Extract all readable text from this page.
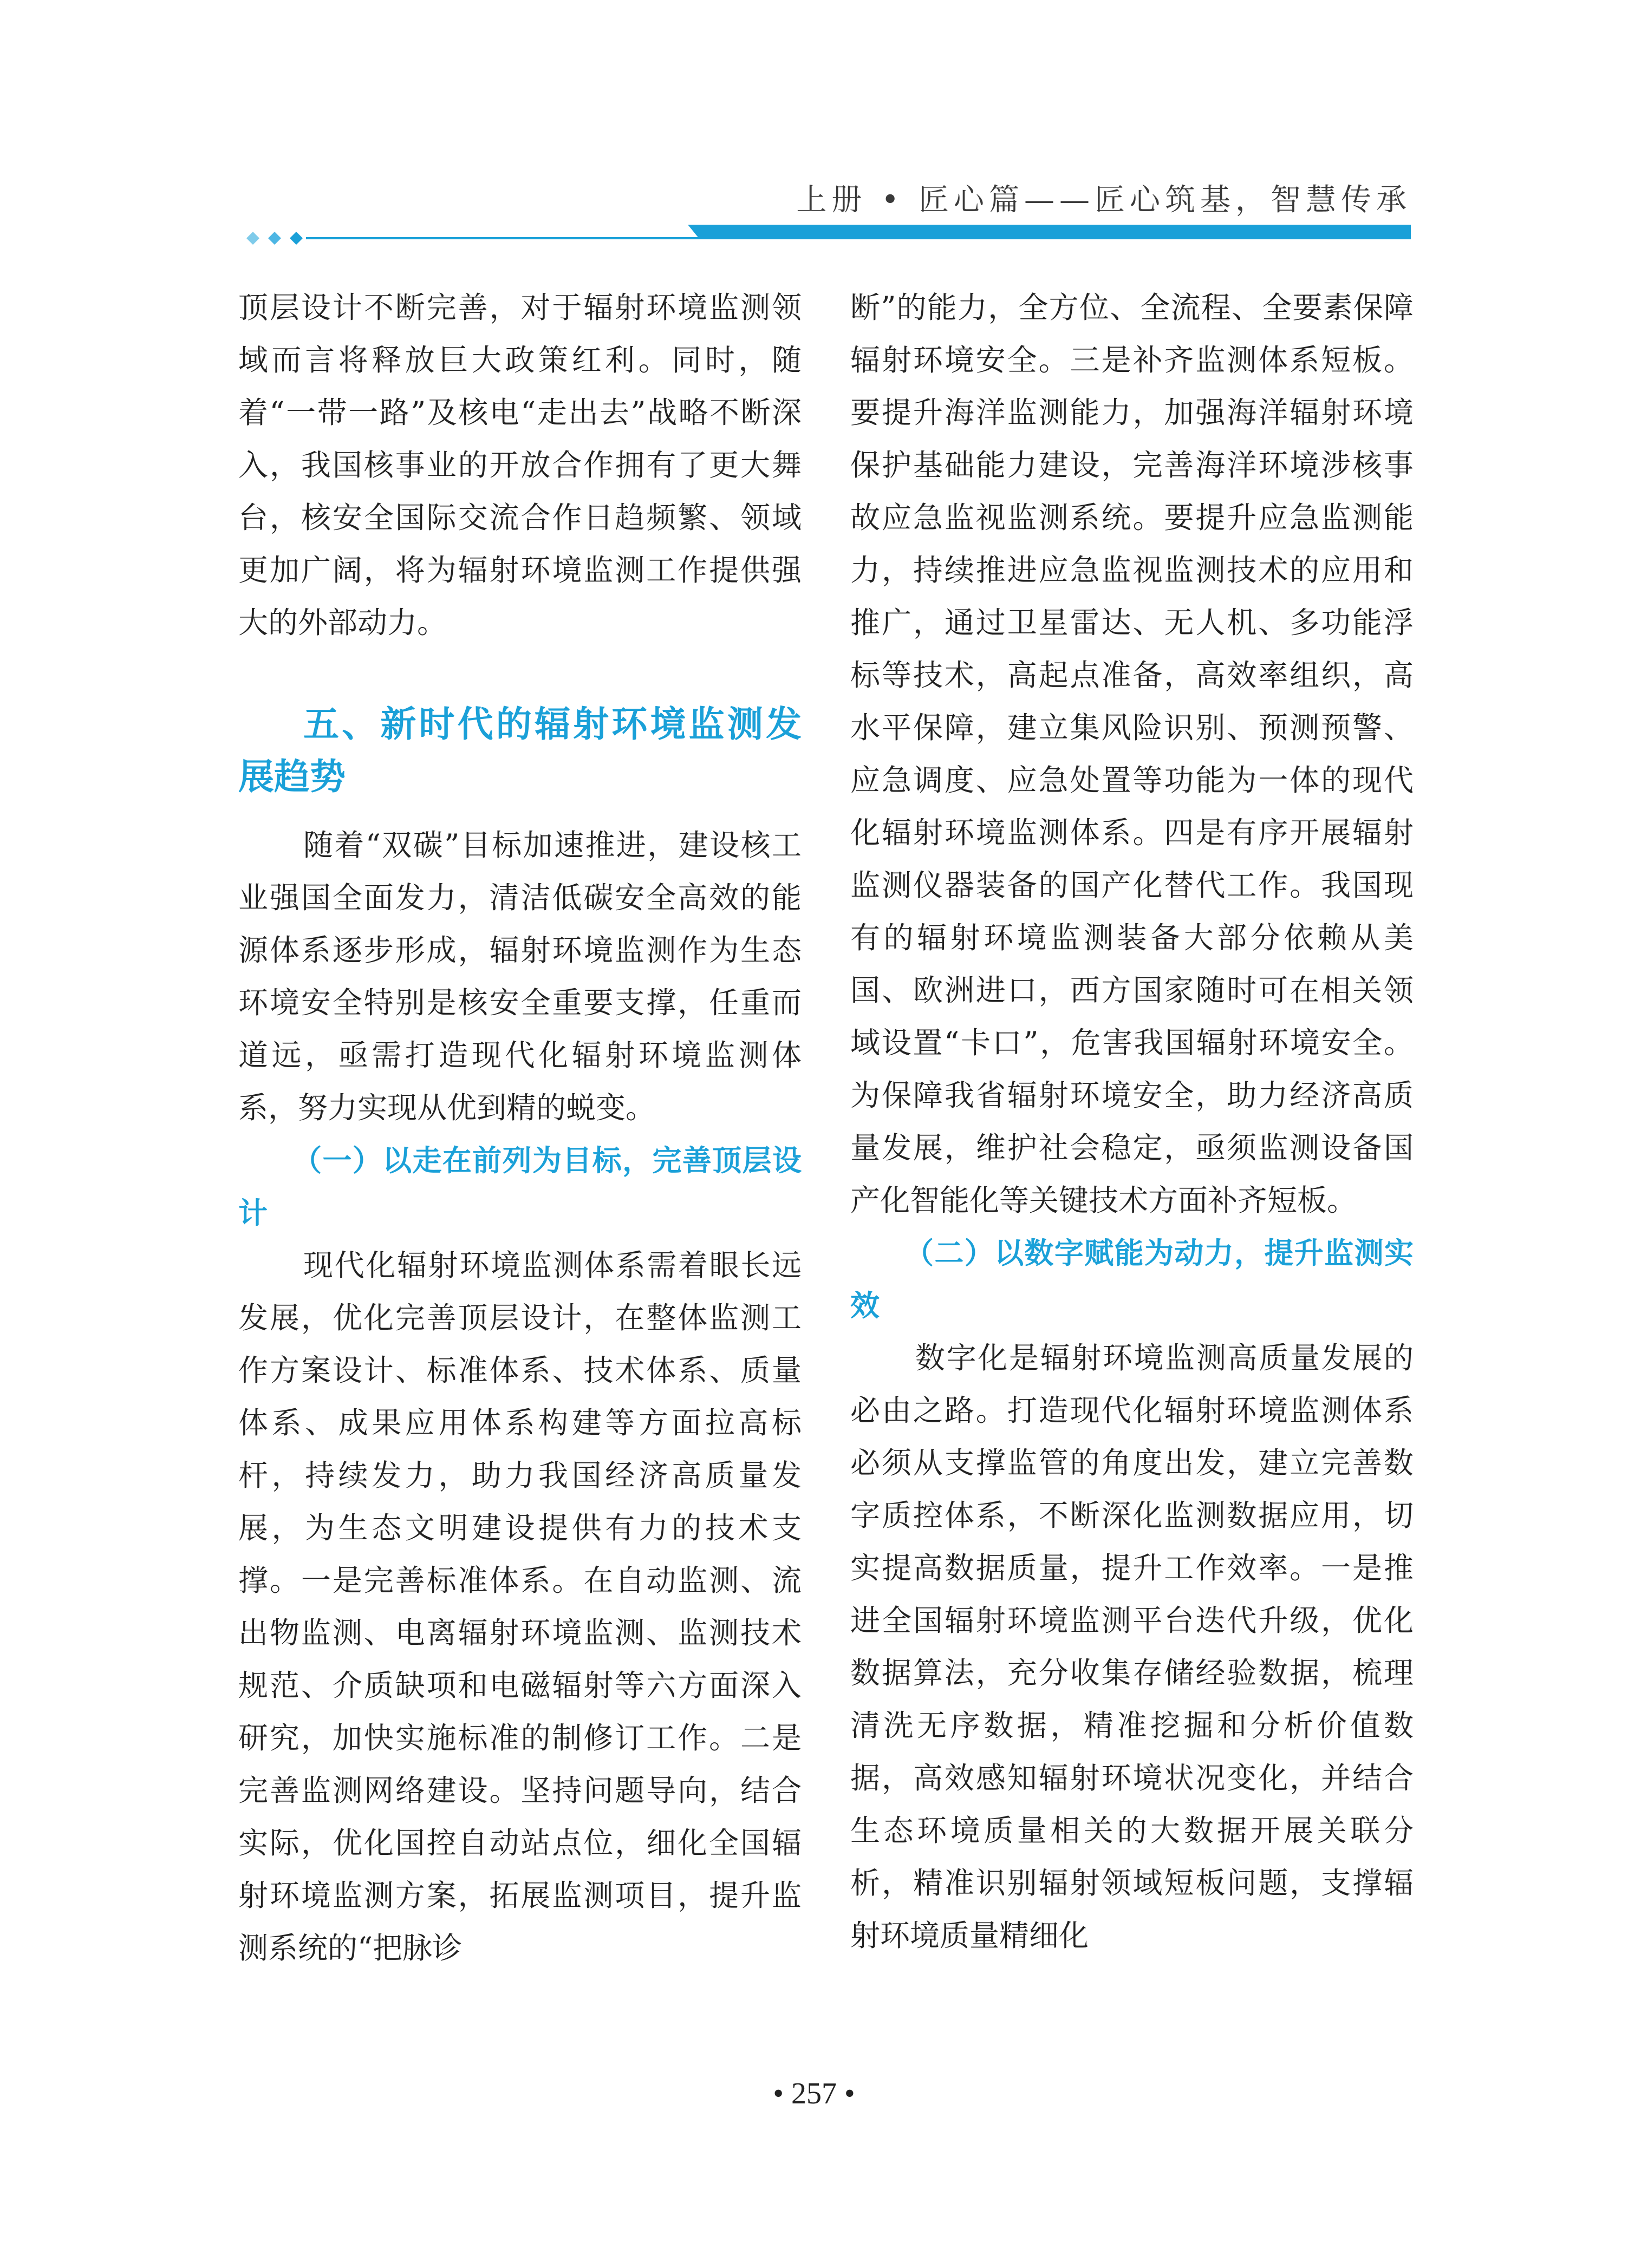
上册 • 匠心篇——匠心筑基，智慧传承

顶层设计不断完善，对于辐射环境监测领域而言将释放巨大政策红利。同时，随着“一带一路”及核电“走出去”战略不断深入，我国核事业的开放合作拥有了更大舞台，核安全国际交流合作日趋频繁、领域更加广阔，将为辐射环境监测工作提供强大的外部动力。

五、新时代的辐射环境监测发展趋势

随着“双碳”目标加速推进，建设核工业强国全面发力，清洁低碳安全高效的能源体系逐步形成，辐射环境监测作为生态环境安全特别是核安全重要支撑，任重而道远，亟需打造现代化辐射环境监测体系，努力实现从优到精的蜕变。

（一）以走在前列为目标，完善顶层设计

现代化辐射环境监测体系需着眼长远发展，优化完善顶层设计，在整体监测工作方案设计、标准体系、技术体系、质量体系、成果应用体系构建等方面拉高标杆，持续发力，助力我国经济高质量发展，为生态文明建设提供有力的技术支撑。一是完善标准体系。在自动监测、流出物监测、电离辐射环境监测、监测技术规范、介质缺项和电磁辐射等六方面深入研究，加快实施标准的制修订工作。二是完善监测网络建设。坚持问题导向，结合实际，优化国控自动站点位，细化全国辐射环境监测方案，拓展监测项目，提升监测系统的“把脉诊

断”的能力，全方位、全流程、全要素保障辐射环境安全。三是补齐监测体系短板。要提升海洋监测能力，加强海洋辐射环境保护基础能力建设，完善海洋环境涉核事故应急监视监测系统。要提升应急监测能力，持续推进应急监视监测技术的应用和推广，通过卫星雷达、无人机、多功能浮标等技术，高起点准备，高效率组织，高水平保障，建立集风险识别、预测预警、应急调度、应急处置等功能为一体的现代化辐射环境监测体系。四是有序开展辐射监测仪器装备的国产化替代工作。我国现有的辐射环境监测装备大部分依赖从美国、欧洲进口，西方国家随时可在相关领域设置“卡口”，危害我国辐射环境安全。为保障我省辐射环境安全，助力经济高质量发展，维护社会稳定，亟须监测设备国产化智能化等关键技术方面补齐短板。

（二）以数字赋能为动力，提升监测实效

数字化是辐射环境监测高质量发展的必由之路。打造现代化辐射环境监测体系必须从支撑监管的角度出发，建立完善数字质控体系，不断深化监测数据应用，切实提高数据质量，提升工作效率。一是推进全国辐射环境监测平台迭代升级，优化数据算法，充分收集存储经验数据，梳理清洗无序数据，精准挖掘和分析价值数据，高效感知辐射环境状况变化，并结合生态环境质量相关的大数据开展关联分析，精准识别辐射领域短板问题，支撑辐射环境质量精细化

• 257 •
